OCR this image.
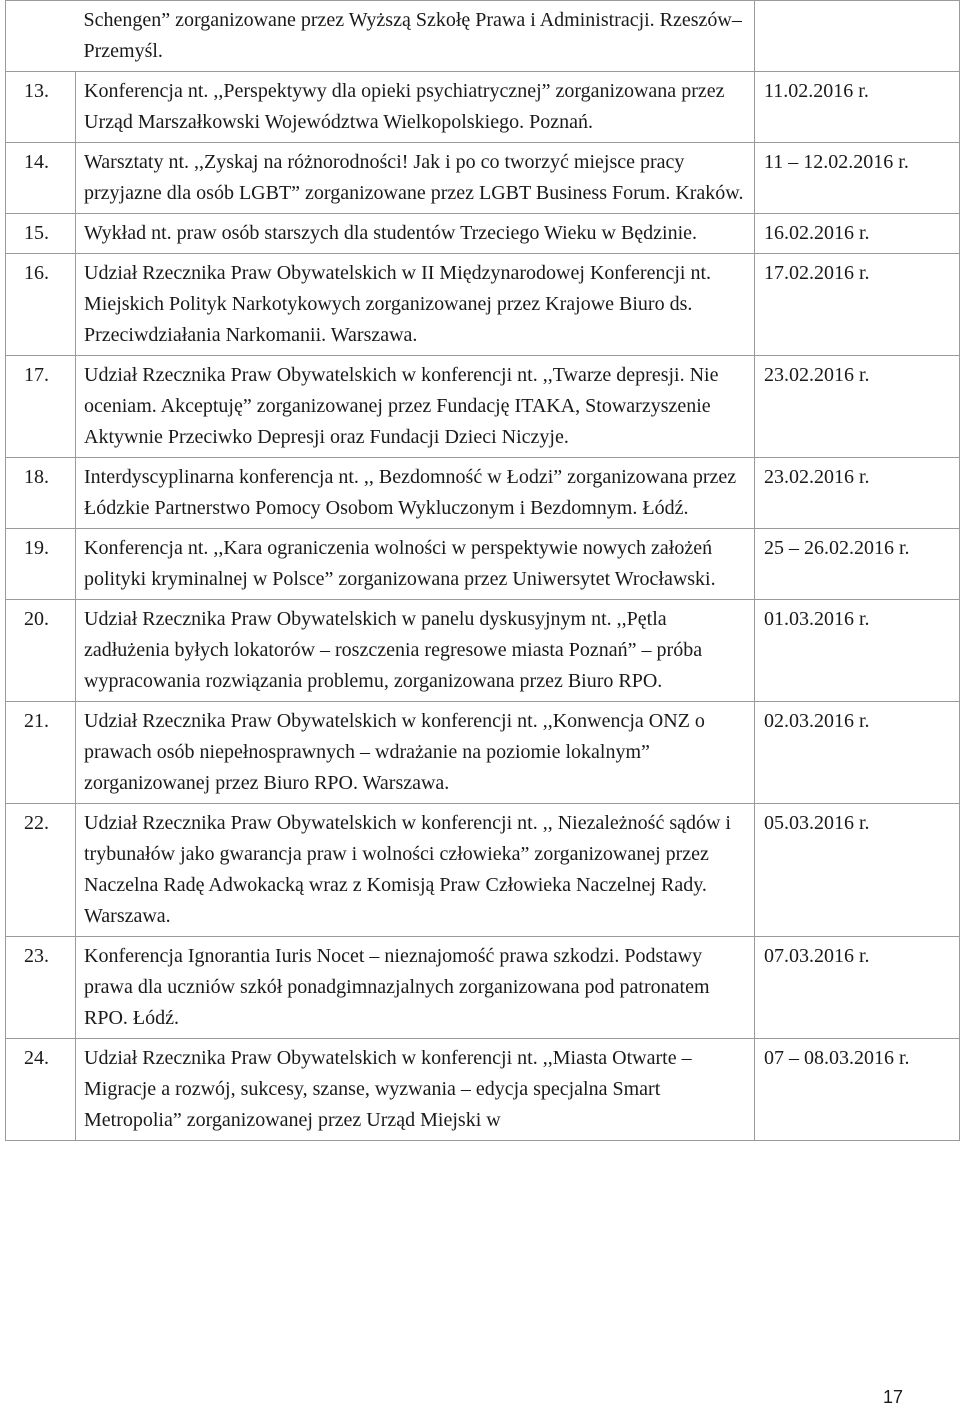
	Schengen” zorganizowane przez Wyższą Szkołę Prawa i Administracji. Rzeszów–Przemyśl.	
13.	Konferencja nt. ,,Perspektywy dla opieki psychiatrycznej” zorganizowana przez Urząd Marszałkowski Województwa Wielkopolskiego. Poznań.	11.02.2016 r.
14.	Warsztaty nt. ,,Zyskaj na różnorodności! Jak i po co tworzyć miejsce pracy przyjazne dla osób LGBT” zorganizowane przez LGBT Business Forum. Kraków.	11 – 12.02.2016 r.
15.	Wykład nt. praw osób starszych dla studentów Trzeciego Wieku w Będzinie.	16.02.2016 r.
16.	Udział Rzecznika Praw Obywatelskich w II Międzynarodowej Konferencji nt. Miejskich Polityk Narkotykowych zorganizowanej przez Krajowe Biuro ds. Przeciwdziałania Narkomanii. Warszawa.	17.02.2016 r.
17.	Udział Rzecznika Praw Obywatelskich w konferencji nt. ,,Twarze depresji. Nie oceniam. Akceptuję” zorganizowanej przez Fundację ITAKA, Stowarzyszenie Aktywnie Przeciwko Depresji oraz Fundacji Dzieci Niczyje.	23.02.2016 r.
18.	Interdyscyplinarna konferencja nt. ,, Bezdomność w Łodzi” zorganizowana przez Łódzkie Partnerstwo Pomocy Osobom Wykluczonym i Bezdomnym. Łódź.	23.02.2016 r.
19.	Konferencja nt. ,,Kara ograniczenia wolności w perspektywie nowych założeń polityki kryminalnej w Polsce” zorganizowana przez Uniwersytet Wrocławski.	25 – 26.02.2016 r.
20.	Udział Rzecznika Praw Obywatelskich w panelu dyskusyjnym nt. ,,Pętla zadłużenia byłych lokatorów – roszczenia regresowe miasta Poznań” – próba wypracowania rozwiązania problemu, zorganizowana przez Biuro RPO.	01.03.2016 r.
21.	Udział Rzecznika Praw Obywatelskich w konferencji nt. ,,Konwencja ONZ o prawach osób niepełnosprawnych – wdrażanie na poziomie lokalnym” zorganizowanej przez Biuro RPO. Warszawa.	02.03.2016 r.
22.	Udział Rzecznika Praw Obywatelskich w konferencji nt. ,, Niezależność sądów i trybunałów jako gwarancja praw i wolności człowieka” zorganizowanej przez Naczelna Radę Adwokacką wraz z Komisją Praw Człowieka Naczelnej Rady. Warszawa.	05.03.2016 r.
23.	Konferencja Ignorantia Iuris Nocet – nieznajomość prawa szkodzi. Podstawy prawa dla uczniów szkół ponadgimnazjalnych zorganizowana pod patronatem RPO. Łódź.	07.03.2016 r.
24.	Udział Rzecznika Praw Obywatelskich w konferencji nt. ,,Miasta Otwarte – Migracje a rozwój, sukcesy, szanse, wyzwania – edycja specjalna Smart Metropolia” zorganizowanej przez Urząd Miejski w	07 – 08.03.2016 r.
17
